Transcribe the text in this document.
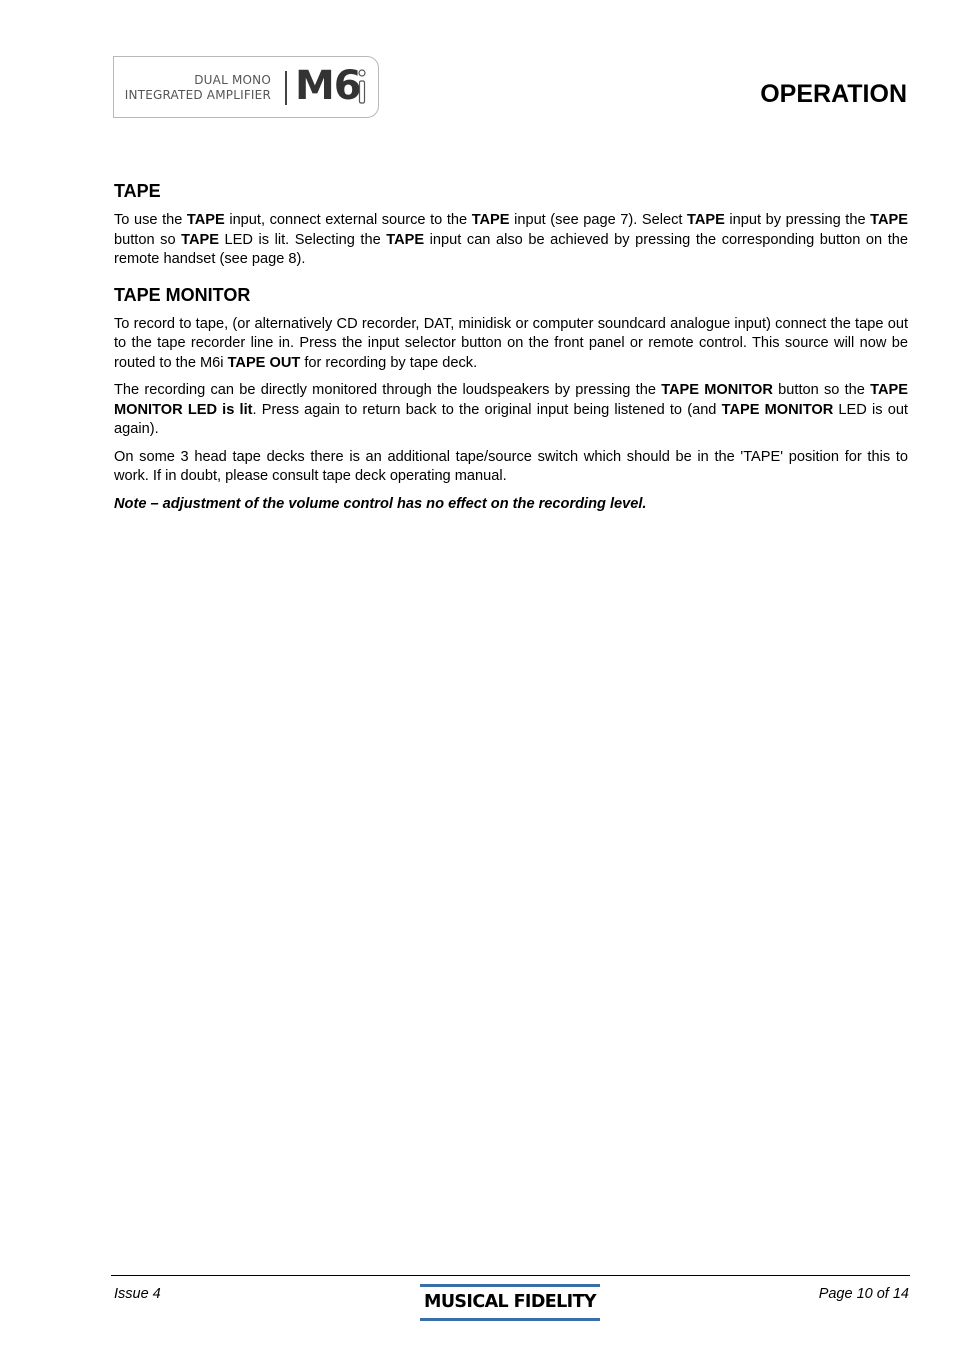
DUAL MONO
INTEGRATED AMPLIFIER M6	OPERATION
TAPE

To use the TAPE input, connect external source to the TAPE input (see page 7). Select TAPE input by pressing the TAPE button so TAPE LED is lit. Selecting the TAPE input can also be achieved by pressing the corresponding button on the remote handset (see page 8).

TAPE MONITOR

To record to tape, (or alternatively CD recorder, DAT, minidisk or computer soundcard analogue input) connect the tape out to the tape recorder line in. Press the input selector button on the front panel or remote control. This source will now be routed to the M6i TAPE OUT for recording by tape deck.

The recording can be directly monitored through the loudspeakers by pressing the TAPE MONITOR button so the TAPE MONITOR LED is lit. Press again to return back to the original input being listened to (and TAPE MONITOR LED is out again).

On some 3 head tape decks there is an additional tape/source switch which should be in the 'TAPE' position for this to work. If in doubt, please consult tape deck operating manual.

Note – adjustment of the volume control has no effect on the recording level.

Issue 4	MUSICAL FIDELITY	Page 10 of 14
